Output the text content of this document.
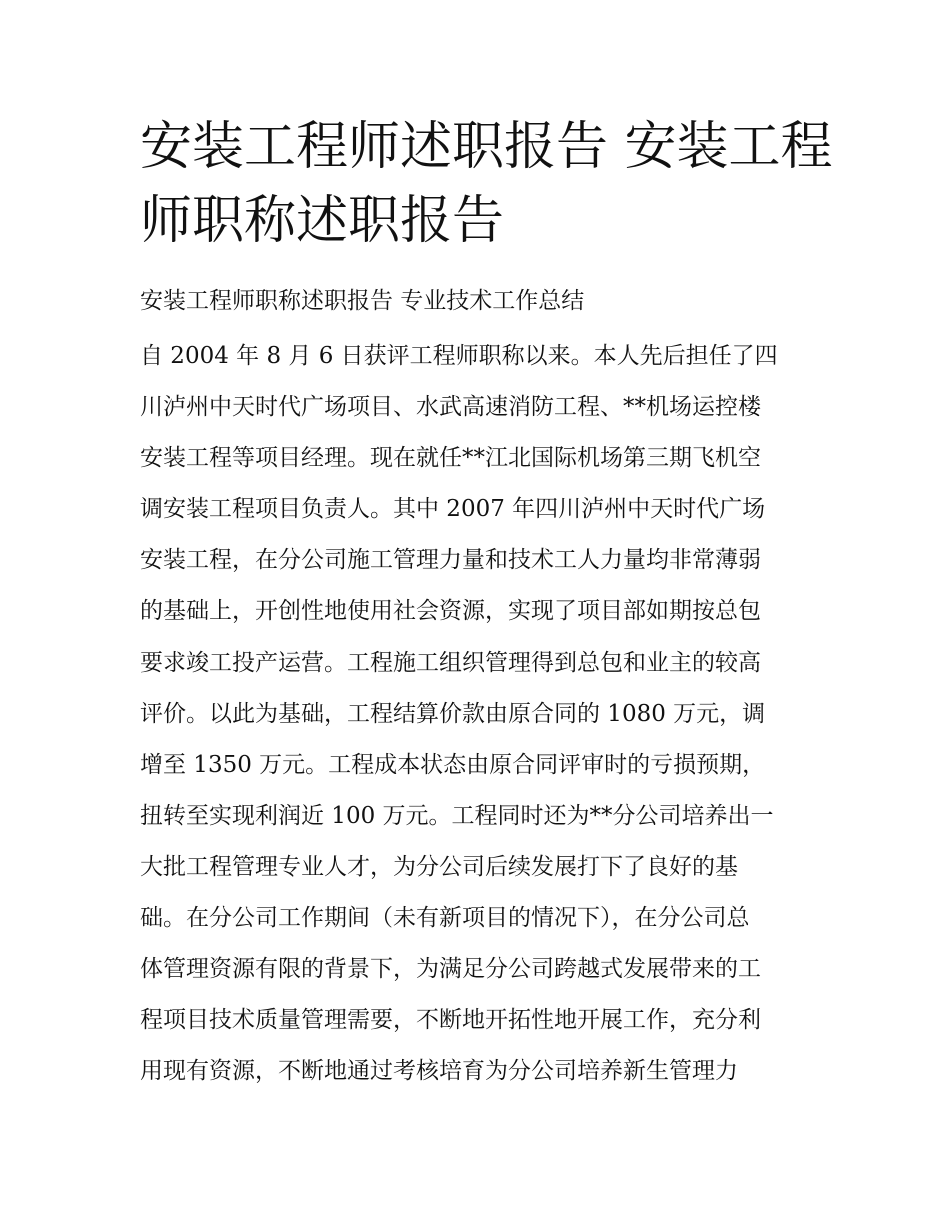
安装工程师述职报告 安装工程
师职称述职报告

安装工程师职称述职报告 专业技术工作总结

自 2004 年 8 月 6 日获评工程师职称以来。本人先后担任了四
川泸州中天时代广场项目、水武高速消防工程、**机场运控楼
安装工程等项目经理。现在就任**江北国际机场第三期飞机空
调安装工程项目负责人。其中 2007 年四川泸州中天时代广场
安装工程，在分公司施工管理力量和技术工人力量均非常薄弱
的基础上，开创性地使用社会资源，实现了项目部如期按总包
要求竣工投产运营。工程施工组织管理得到总包和业主的较高
评价。以此为基础，工程结算价款由原合同的 1080 万元，调
增至 1350 万元。工程成本状态由原合同评审时的亏损预期，
扭转至实现利润近 100 万元。工程同时还为**分公司培养出一
大批工程管理专业人才，为分公司后续发展打下了良好的基
础。在分公司工作期间（未有新项目的情况下），在分公司总
体管理资源有限的背景下，为满足分公司跨越式发展带来的工
程项目技术质量管理需要，不断地开拓性地开展工作，充分利
用现有资源，不断地通过考核培育为分公司培养新生管理力
